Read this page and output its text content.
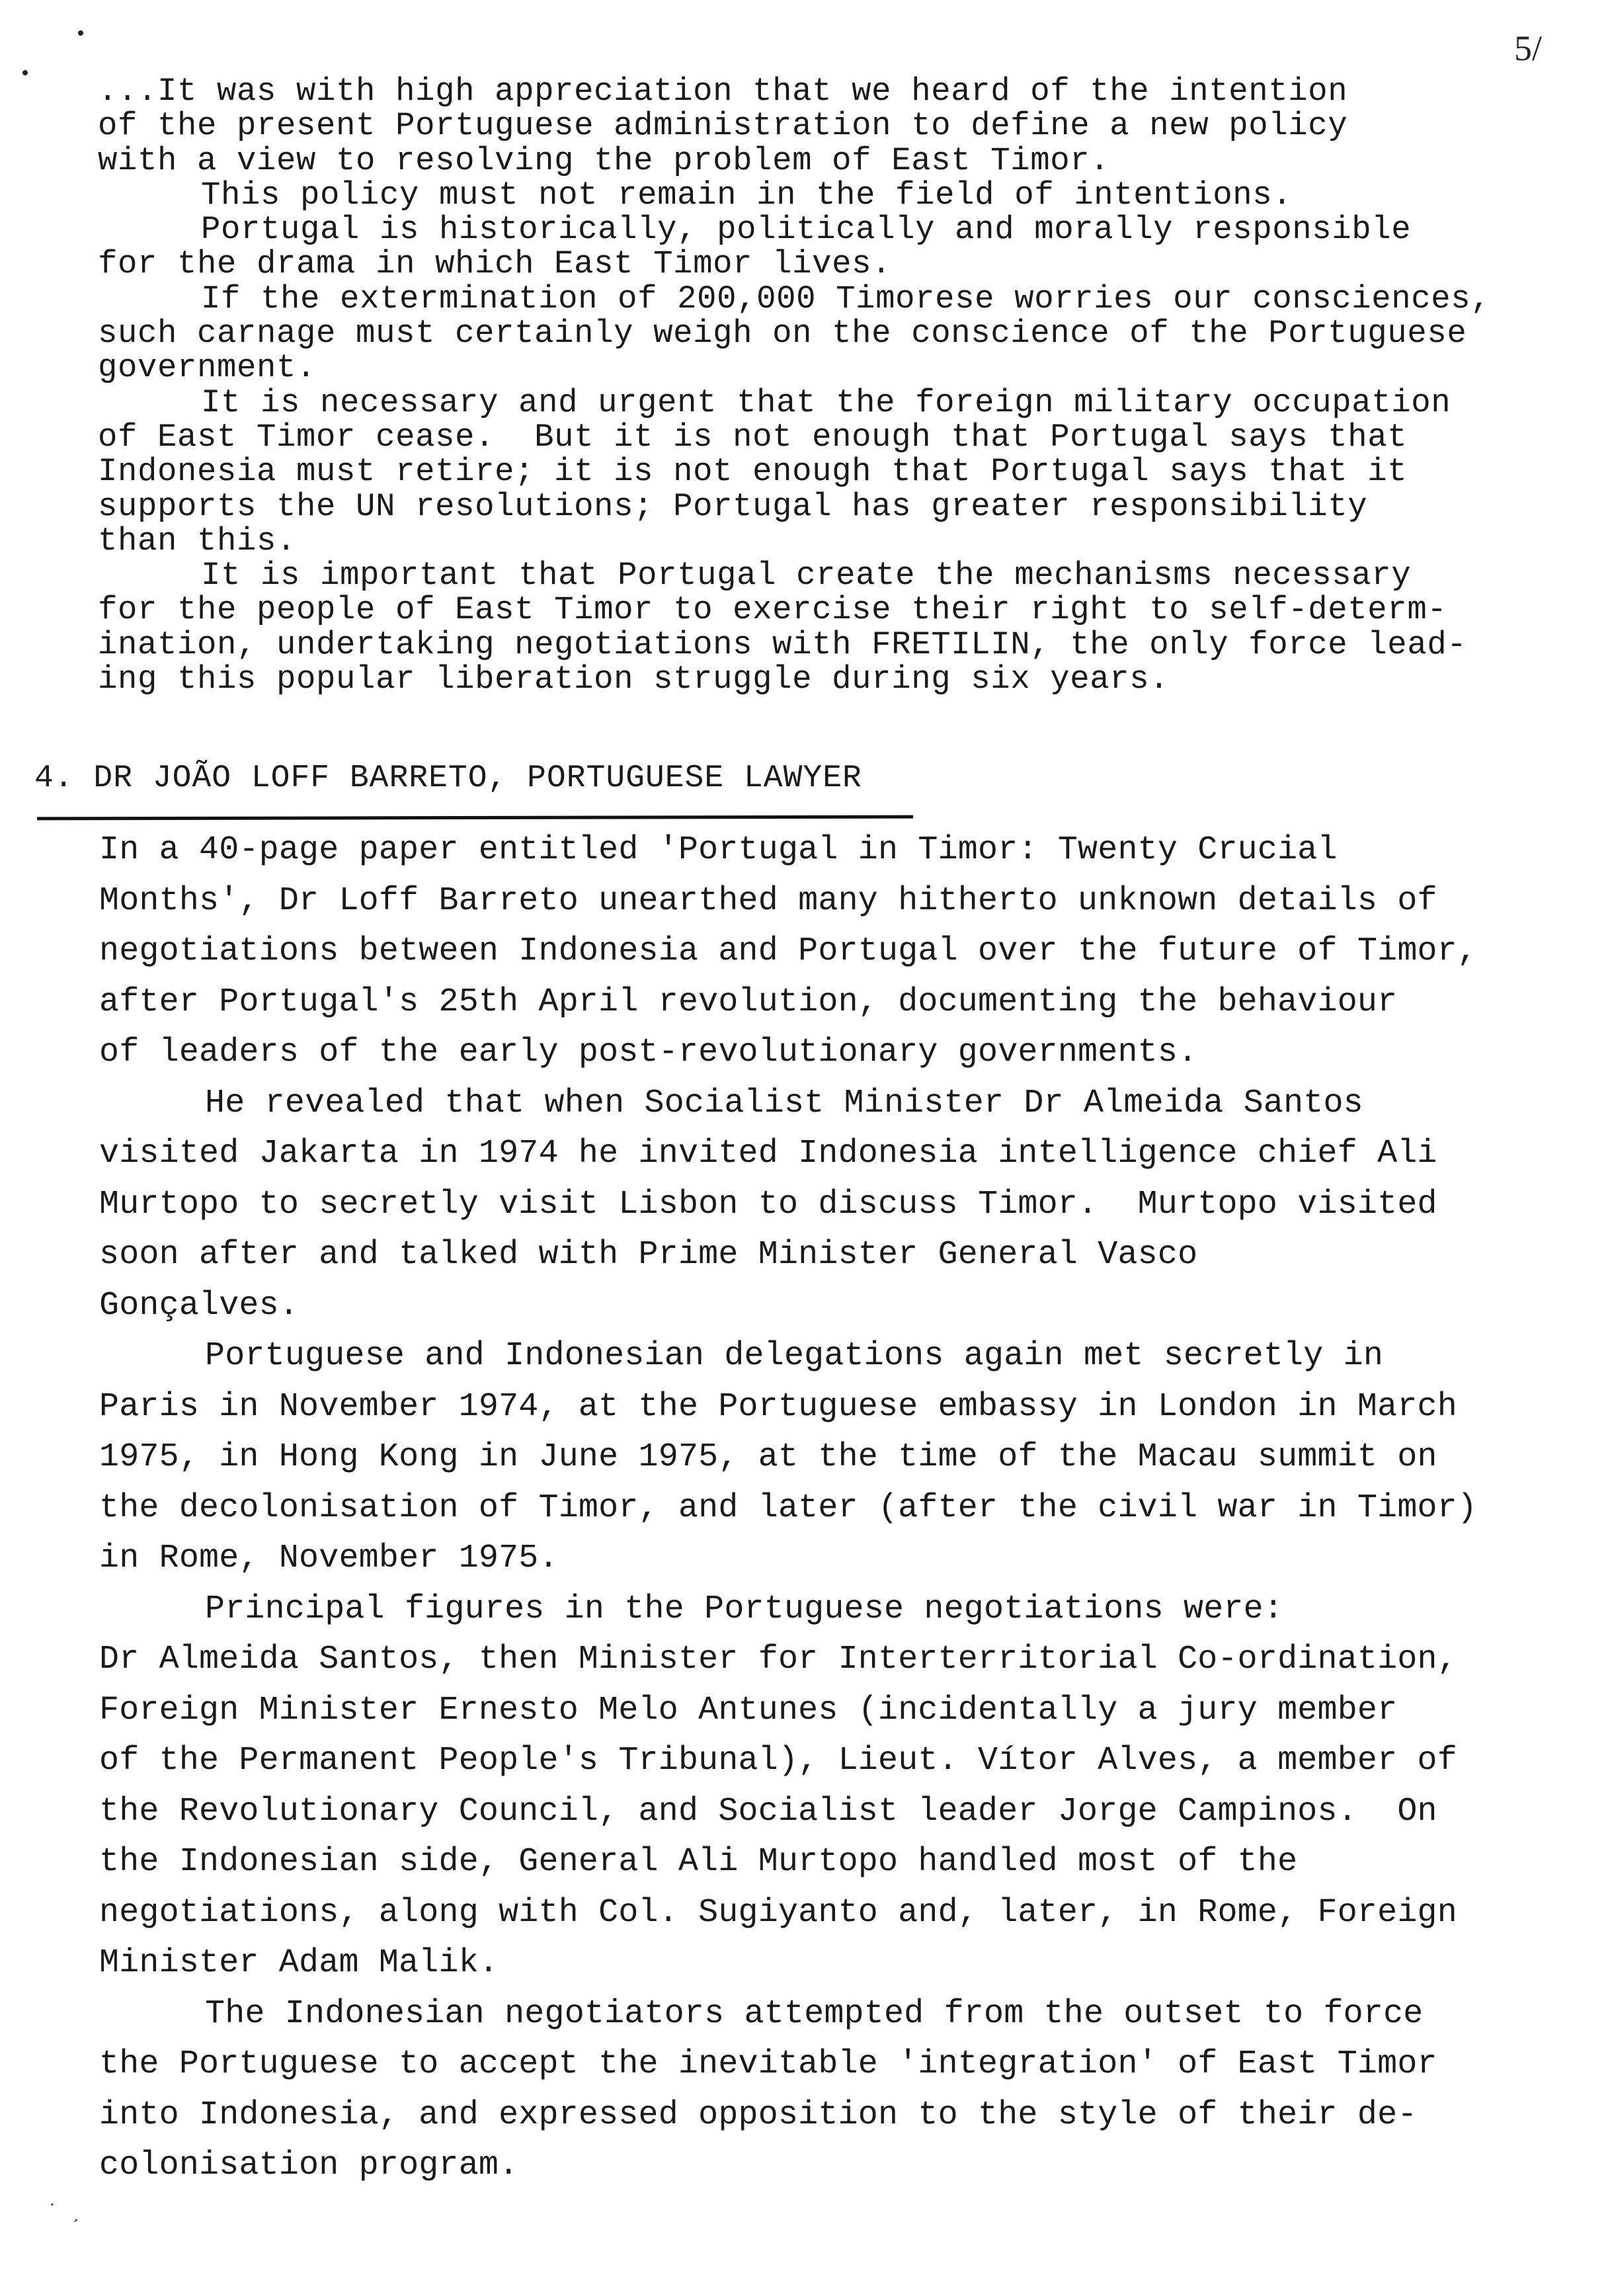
5/

...It was with high appreciation that we heard of the intention
of the present Portuguese administration to define a new policy
with a view to resolving the problem of East Timor.

This policy must not remain in the field of intentions.

Portugal is historically, politically and morally responsible
for the drama in which East Timor lives.

If the extermination of 200,000 Timorese worries our consciences,
such carnage must certainly weigh on the conscience of the Portuguese
government.

It is necessary and urgent that the foreign military occupation
of East Timor cease.  But it is not enough that Portugal says that
Indonesia must retire; it is not enough that Portugal says that it
supports the UN resolutions; Portugal has greater responsibility
than this.

It is important that Portugal create the mechanisms necessary
for the people of East Timor to exercise their right to self-determ-
ination, undertaking negotiations with FRETILIN, the only force lead-
ing this popular liberation struggle during six years.

4. DR JOÃO LOFF BARRETO, PORTUGUESE LAWYER

In a 40-page paper entitled 'Portugal in Timor: Twenty Crucial
Months', Dr Loff Barreto unearthed many hitherto unknown details of
negotiations between Indonesia and Portugal over the future of Timor,
after Portugal's 25th April revolution, documenting the behaviour
of leaders of the early post-revolutionary governments.

He revealed that when Socialist Minister Dr Almeida Santos
visited Jakarta in 1974 he invited Indonesia intelligence chief Ali
Murtopo to secretly visit Lisbon to discuss Timor.  Murtopo visited
soon after and talked with Prime Minister General Vasco
Gonçalves.

Portuguese and Indonesian delegations again met secretly in
Paris in November 1974, at the Portuguese embassy in London in March
1975, in Hong Kong in June 1975, at the time of the Macau summit on
the decolonisation of Timor, and later (after the civil war in Timor)
in Rome, November 1975.

Principal figures in the Portuguese negotiations were:
Dr Almeida Santos, then Minister for Interterritorial Co-ordination,
Foreign Minister Ernesto Melo Antunes (incidentally a jury member
of the Permanent People's Tribunal), Lieut. Vítor Alves, a member of
the Revolutionary Council, and Socialist leader Jorge Campinos.  On
the Indonesian side, General Ali Murtopo handled most of the
negotiations, along with Col. Sugiyanto and, later, in Rome, Foreign
Minister Adam Malik.

The Indonesian negotiators attempted from the outset to force
the Portuguese to accept the inevitable 'integration' of East Timor
into Indonesia, and expressed opposition to the style of their de-
colonisation program.

˙ ˏ
